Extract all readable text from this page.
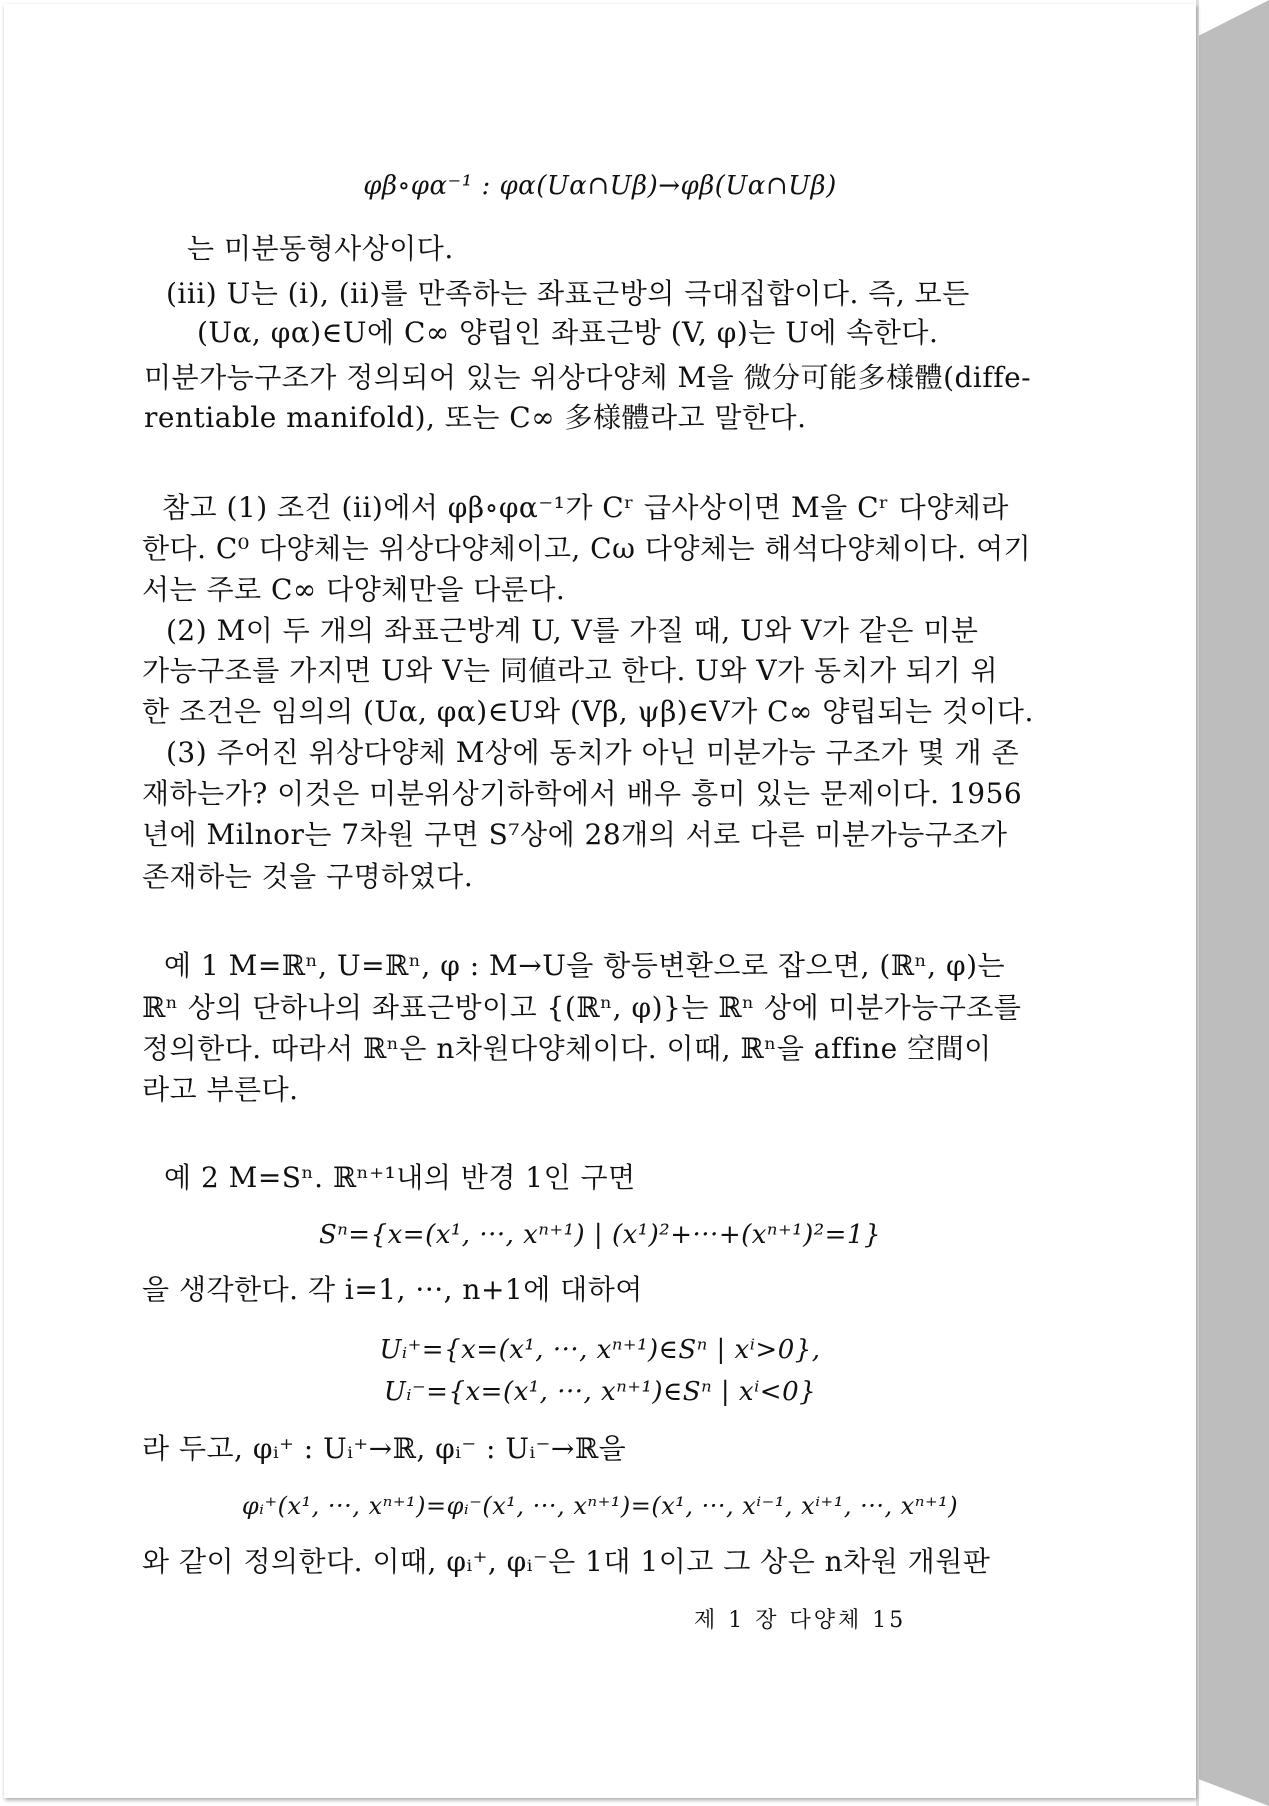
φβ∘φα⁻¹ : φα(Uα∩Uβ)→φβ(Uα∩Uβ)
는 미분동형사상이다.
(iii) U는 (i), (ii)를 만족하는 좌표근방의 극대집합이다. 즉, 모든
(Uα, φα)∈U에 C∞ 양립인 좌표근방 (V, φ)는 U에 속한다.
미분가능구조가 정의되어 있는 위상다양체 M을 微分可能多様體(diffe-
rentiable manifold), 또는 C∞ 多様體라고 말한다.
참고 (1) 조건 (ii)에서 φβ∘φα⁻¹가 Cʳ 급사상이면 M을 Cʳ 다양체라
한다. C⁰ 다양체는 위상다양체이고, Cω 다양체는 해석다양체이다. 여기
서는 주로 C∞ 다양체만을 다룬다.
(2) M이 두 개의 좌표근방계 U, V를 가질 때, U와 V가 같은 미분
가능구조를 가지면 U와 V는 同値라고 한다. U와 V가 동치가 되기 위
한 조건은 임의의 (Uα, φα)∈U와 (Vβ, ψβ)∈V가 C∞ 양립되는 것이다.
(3) 주어진 위상다양체 M상에 동치가 아닌 미분가능 구조가 몇 개 존
재하는가? 이것은 미분위상기하학에서 배우 흥미 있는 문제이다. 1956
년에 Milnor는 7차원 구면 S⁷상에 28개의 서로 다른 미분가능구조가
존재하는 것을 구명하였다.
예 1 M=ℝⁿ, U=ℝⁿ, φ : M→U을 항등변환으로 잡으면, (ℝⁿ, φ)는
ℝⁿ 상의 단하나의 좌표근방이고 {(ℝⁿ, φ)}는 ℝⁿ 상에 미분가능구조를
정의한다. 따라서 ℝⁿ은 n차원다양체이다. 이때, ℝⁿ을 affine 空間이
라고 부른다.
예 2 M=Sⁿ. ℝⁿ⁺¹내의 반경 1인 구면
Sⁿ={x=(x¹, ···, xⁿ⁺¹) | (x¹)²+···+(xⁿ⁺¹)²=1}
을 생각한다. 각 i=1, ···, n+1에 대하여
Uᵢ⁺={x=(x¹, ···, xⁿ⁺¹)∈Sⁿ | xⁱ>0},
Uᵢ⁻={x=(x¹, ···, xⁿ⁺¹)∈Sⁿ | xⁱ<0}
라 두고, φᵢ⁺ : Uᵢ⁺→ℝ, φᵢ⁻ : Uᵢ⁻→ℝ을
φᵢ⁺(x¹, ···, xⁿ⁺¹)=φᵢ⁻(x¹, ···, xⁿ⁺¹)=(x¹, ···, xⁱ⁻¹, xⁱ⁺¹, ···, xⁿ⁺¹)
와 같이 정의한다. 이때, φᵢ⁺, φᵢ⁻은 1대 1이고 그 상은 n차원 개원판
제 1 장 다양체 15
